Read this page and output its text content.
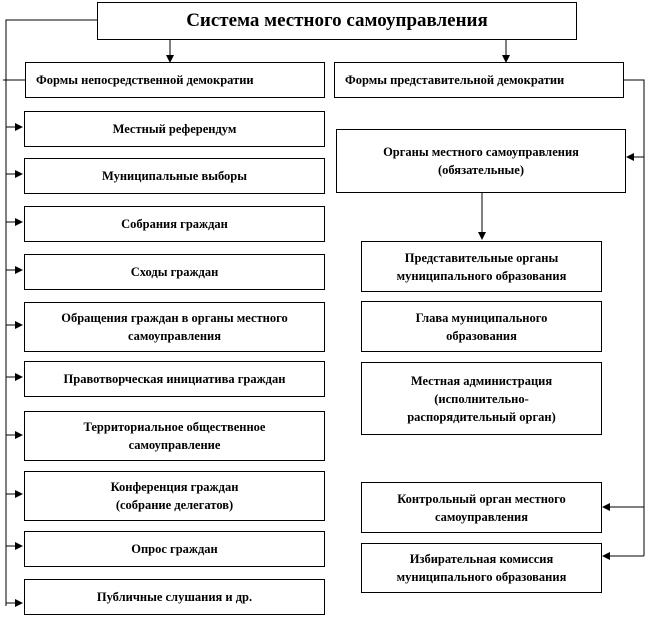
Система местного самоуправления
Формы непосредственной демократии	Формы представительной демократии
Местный референдум
Муниципальные выборы
Собрания граждан
Сходы граждан
Обращения граждан в органы местного
самоуправления
Правотворческая инициатива граждан
Территориальное общественное
самоуправление
Конференция граждан
(собрание делегатов)
Опрос граждан
Публичные слушания и др.
Органы местного самоуправления
(обязательные)
Представительные органы
муниципального образования
Глава муниципального
образования
Местная администрация
(исполнительно-
распорядительный орган)
Контрольный орган местного
самоуправления
Избирательная комиссия
муниципального образования
